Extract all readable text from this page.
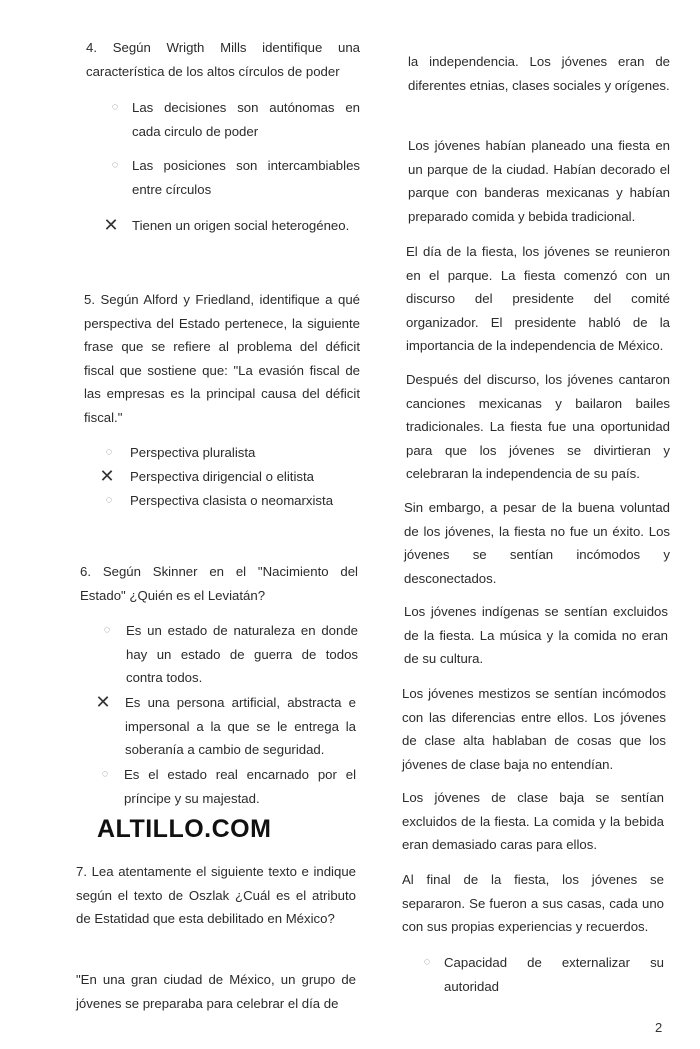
4. Según Wrigth Mills identifique una característica de los altos círculos de poder

◌	Las decisiones son autónomas en cada circulo de poder
◌	Las posiciones son intercambiables entre círculos
✕ Tienen un origen social heterogéneo.

5. Según Alford y Friedland, identifique a qué perspectiva del Estado pertenece, la siguiente frase que se refiere al problema del déficit fiscal que sostiene que: "La evasión fiscal de las empresas es la principal causa del déficit fiscal."

◌	Perspectiva pluralista
✕ Perspectiva dirigencial o elitista
◌	Perspectiva clasista o neomarxista

6. Según Skinner en el "Nacimiento del Estado" ¿Quién es el Leviatán?

◌	Es un estado de naturaleza en donde hay un estado de guerra de todos contra todos.
✕ Es una persona artificial, abstracta e impersonal a la que se le entrega la soberanía a cambio de seguridad.
◌	Es el estado real encarnado por el príncipe y su majestad.
ALTILLO.COM

7. Lea atentamente el siguiente texto e indique según el texto de Oszlak ¿Cuál es el atributo de Estatidad que esta debilitado en México?

"En una gran ciudad de México, un grupo de jóvenes se preparaba para celebrar el día de

la independencia. Los jóvenes eran de diferentes etnias, clases sociales y orígenes.

Los jóvenes habían planeado una fiesta en un parque de la ciudad. Habían decorado el parque con banderas mexicanas y habían preparado comida y bebida tradicional.

El día de la fiesta, los jóvenes se reunieron en el parque. La fiesta comenzó con un discurso del presidente del comité organizador. El presidente habló de la importancia de la independencia de México.

Después del discurso, los jóvenes cantaron canciones mexicanas y bailaron bailes tradicionales. La fiesta fue una oportunidad para que los jóvenes se divirtieran y celebraran la independencia de su país.

Sin embargo, a pesar de la buena voluntad de los jóvenes, la fiesta no fue un éxito. Los jóvenes se sentían incómodos y desconectados.

Los jóvenes indígenas se sentían excluidos de la fiesta. La música y la comida no eran de su cultura.

Los jóvenes mestizos se sentían incómodos con las diferencias entre ellos. Los jóvenes de clase alta hablaban de cosas que los jóvenes de clase baja no entendían.

Los jóvenes de clase baja se sentían excluidos de la fiesta. La comida y la bebida eran demasiado caras para ellos.

Al final de la fiesta, los jóvenes se separaron. Se fueron a sus casas, cada uno con sus propias experiencias y recuerdos.

◌	Capacidad de externalizar su autoridad
2
